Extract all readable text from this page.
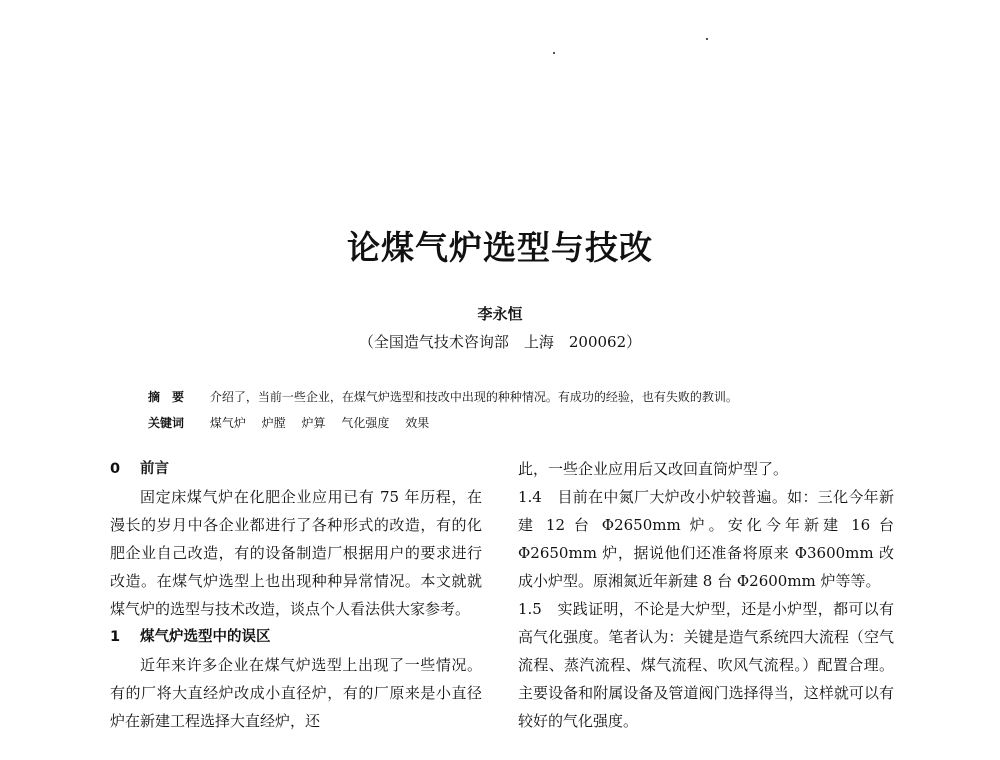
论煤气炉选型与技改
李永恒
（全国造气技术咨询部　上海　200062）
摘　要 介绍了，当前一些企业，在煤气炉选型和技改中出现的种种情况。有成功的经验，也有失败的教训。
关键词 煤气炉 炉膛 炉算 气化强度 效果

0 前言

固定床煤气炉在化肥企业应用已有 75 年历程，在漫长的岁月中各企业都进行了各种形式的改造，有的化肥企业自己改造，有的设备制造厂根据用户的要求进行改造。在煤气炉选型上也出现种种异常情况。本文就就煤气炉的选型与技术改造，谈点个人看法供大家参考。

1 煤气炉选型中的误区

近年来许多企业在煤气炉选型上出现了一些情况。有的厂将大直经炉改成小直径炉，有的厂原来是小直径炉在新建工程选择大直经炉，还

此，一些企业应用后又改回直筒炉型了。

1.4　目前在中氮厂大炉改小炉较普遍。如：三化今年新建 12 台 Φ2650mm 炉。安化今年新建 16 台 Φ2650mm 炉，据说他们还准备将原来 Φ3600mm 改成小炉型。原湘氮近年新建 8 台 Φ2600mm 炉等等。

1.5　实践证明，不论是大炉型，还是小炉型，都可以有高气化强度。笔者认为：关键是造气系统四大流程（空气流程、蒸汽流程、煤气流程、吹风气流程。）配置合理。主要设备和附属设备及管道阀门选择得当，这样就可以有较好的气化强度。
